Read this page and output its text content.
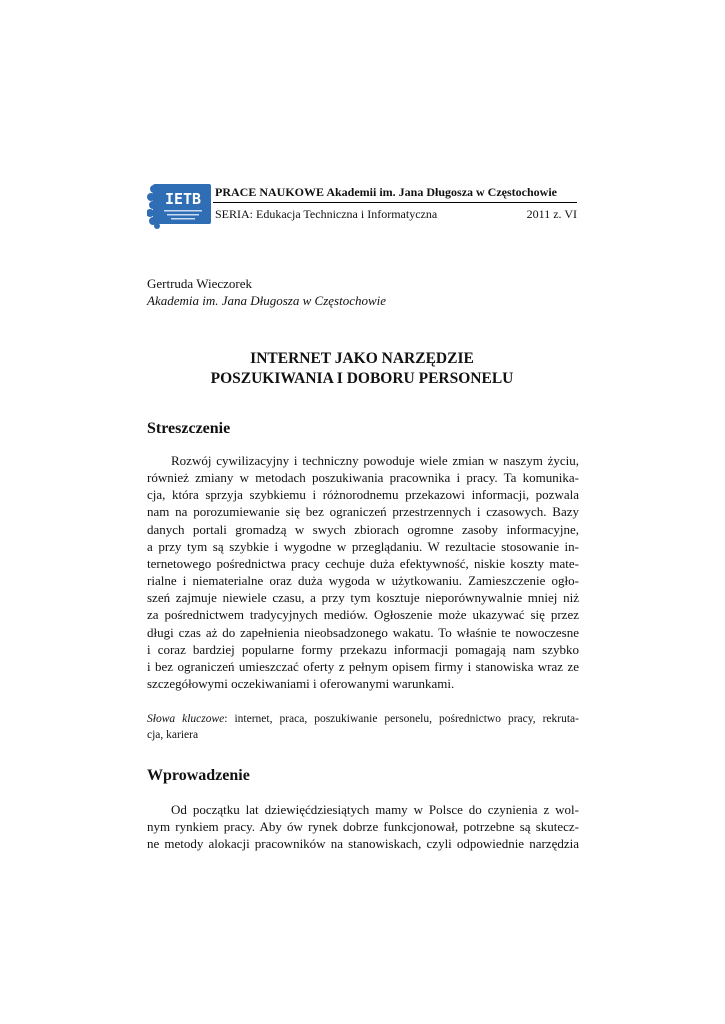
IETB PRACE NAUKOWE Akademii im. Jana Długosza w Częstochowie
SERIA: Edukacja Techniczna i Informatyczna	2011 z. VI
Gertruda Wieczorek
Akademia im. Jana Długosza w Częstochowie
INTERNET JAKO NARZĘDZIE
POSZUKIWANIA I DOBORU PERSONELU
Streszczenie
Rozwój cywilizacyjny i techniczny powoduje wiele zmian w naszym życiu,
również zmiany w metodach poszukiwania pracownika i pracy. Ta komunika-
cja, która sprzyja szybkiemu i różnorodnemu przekazowi informacji, pozwala
nam na porozumiewanie się bez ograniczeń przestrzennych i czasowych. Bazy
danych portali gromadzą w swych zbiorach ogromne zasoby informacyjne,
a przy tym są szybkie i wygodne w przeglądaniu. W rezultacie stosowanie in-
ternetowego pośrednictwa pracy cechuje duża efektywność, niskie koszty mate-
rialne i niematerialne oraz duża wygoda w użytkowaniu. Zamieszczenie ogło-
szeń zajmuje niewiele czasu, a przy tym kosztuje nieporównywalnie mniej niż
za pośrednictwem tradycyjnych mediów. Ogłoszenie może ukazywać się przez
długi czas aż do zapełnienia nieobsadzonego wakatu. To właśnie te nowoczesne
i coraz bardziej popularne formy przekazu informacji pomagają nam szybko
i bez ograniczeń umieszczać oferty z pełnym opisem firmy i stanowiska wraz ze
szczegółowymi oczekiwaniami i oferowanymi warunkami.
Słowa kluczowe: internet, praca, poszukiwanie personelu, pośrednictwo pracy, rekruta-
cja, kariera
Wprowadzenie
Od początku lat dziewięćdziesiątych mamy w Polsce do czynienia z wol-
nym rynkiem pracy. Aby ów rynek dobrze funkcjonował, potrzebne są skutecz-
ne metody alokacji pracowników na stanowiskach, czyli odpowiednie narzędzia
